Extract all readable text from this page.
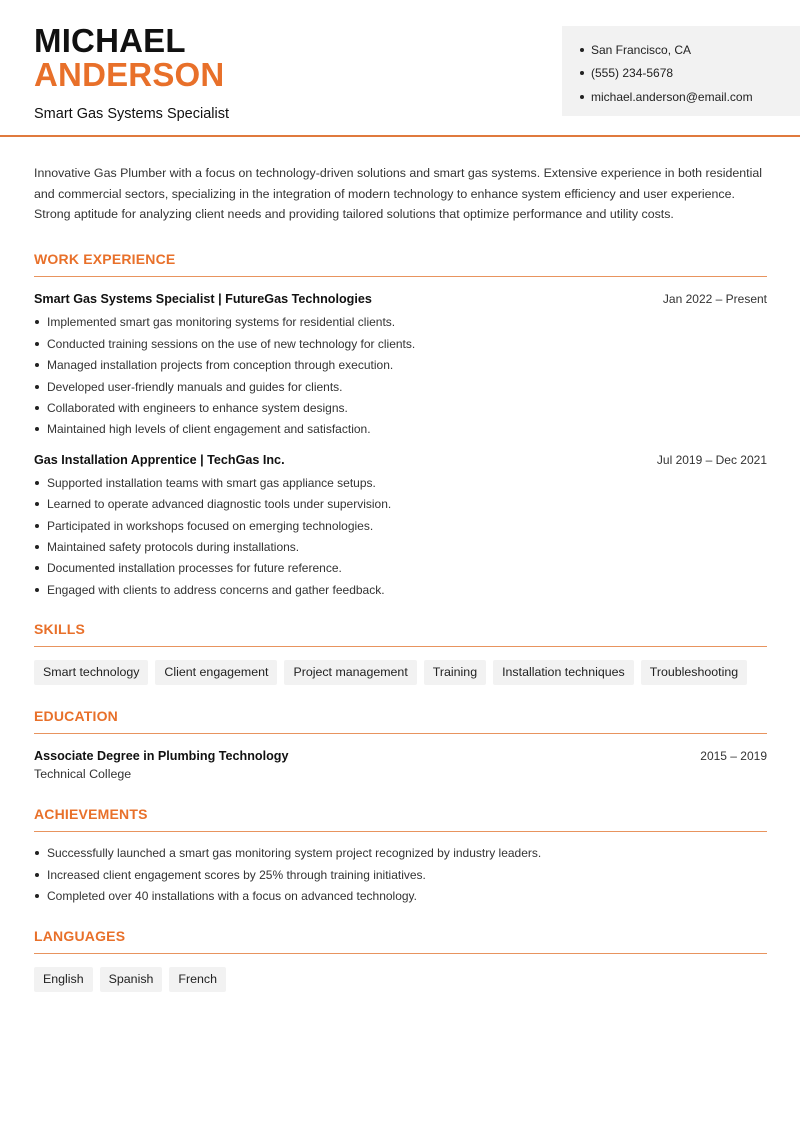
MICHAEL
ANDERSON
Smart Gas Systems Specialist
San Francisco, CA
(555) 234-5678
michael.anderson@email.com

Innovative Gas Plumber with a focus on technology-driven solutions and smart gas systems. Extensive experience in both residential and commercial sectors, specializing in the integration of modern technology to enhance system efficiency and user experience. Strong aptitude for analyzing client needs and providing tailored solutions that optimize performance and utility costs.

WORK EXPERIENCE
Smart Gas Systems Specialist | FutureGas Technologies	Jan 2022 – Present
Implemented smart gas monitoring systems for residential clients.
Conducted training sessions on the use of new technology for clients.
Managed installation projects from conception through execution.
Developed user-friendly manuals and guides for clients.
Collaborated with engineers to enhance system designs.
Maintained high levels of client engagement and satisfaction.
Gas Installation Apprentice | TechGas Inc.	Jul 2019 – Dec 2021
Supported installation teams with smart gas appliance setups.
Learned to operate advanced diagnostic tools under supervision.
Participated in workshops focused on emerging technologies.
Maintained safety protocols during installations.
Documented installation processes for future reference.
Engaged with clients to address concerns and gather feedback.
SKILLS
Smart technology	Client engagement	Project management	Training	Installation techniques	Troubleshooting
EDUCATION
Associate Degree in Plumbing Technology	2015 – 2019
Technical College
ACHIEVEMENTS
Successfully launched a smart gas monitoring system project recognized by industry leaders.
Increased client engagement scores by 25% through training initiatives.
Completed over 40 installations with a focus on advanced technology.
LANGUAGES
English	Spanish	French
